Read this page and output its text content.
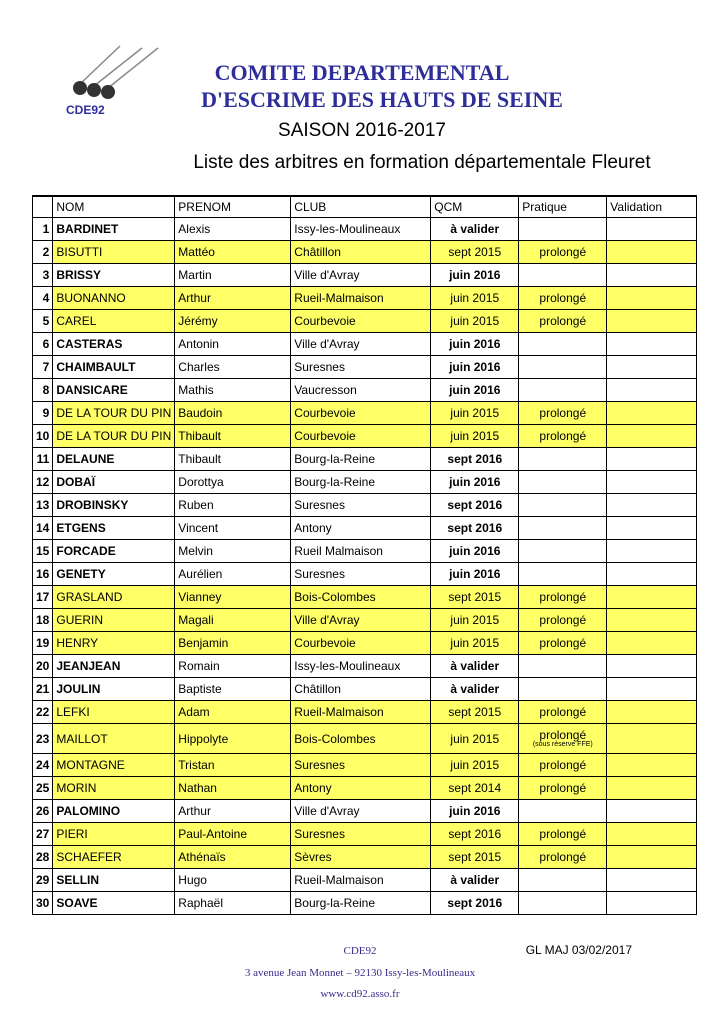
CDE92
COMITE DEPARTEMENTAL
D'ESCRIME DES HAUTS DE SEINE
SAISON 2016-2017
Liste des arbitres en formation départementale Fleuret
	NOM	PRENOM	CLUB	QCM	Pratique	Validation
1	BARDINET	Alexis	Issy-les-Moulineaux	à valider	

2	BISUTTI	Mattéo	Châtillon	sept 2015	prolongé	

3	BRISSY	Martin	Ville d'Avray	juin 2016	

4	BUONANNO	Arthur	Rueil-Malmaison	juin 2015	prolongé	

5	CAREL	Jérémy	Courbevoie	juin 2015	prolongé	

6	CASTERAS	Antonin	Ville d'Avray	juin 2016	

7	CHAIMBAULT	Charles	Suresnes	juin 2016	

8	DANSICARE	Mathis	Vaucresson	juin 2016	

9	DE LA TOUR DU PIN	Baudoin	Courbevoie	juin 2015	prolongé	

10	DE LA TOUR DU PIN	Thibault	Courbevoie	juin 2015	prolongé	

11	DELAUNE	Thibault	Bourg-la-Reine	sept 2016	

12	DOBAÏ	Dorottya	Bourg-la-Reine	juin 2016	

13	DROBINSKY	Ruben	Suresnes	sept 2016	

14	ETGENS	Vincent	Antony	sept 2016	

15	FORCADE	Melvin	Rueil Malmaison	juin 2016	

16	GENETY	Aurélien	Suresnes	juin 2016	

17	GRASLAND	Vianney	Bois-Colombes	sept 2015	prolongé	

18	GUERIN	Magali	Ville d'Avray	juin 2015	prolongé	

19	HENRY	Benjamin	Courbevoie	juin 2015	prolongé	

20	JEANJEAN	Romain	Issy-les-Moulineaux	à valider	

21	JOULIN	Baptiste	Châtillon	à valider	

22	LEFKI	Adam	Rueil-Malmaison	sept 2015	prolongé	

23	MAILLOT	Hippolyte	Bois-Colombes	juin 2015	prolongé
(sous réserve FFE)	

24	MONTAGNE	Tristan	Suresnes	juin 2015	prolongé	

25	MORIN	Nathan	Antony	sept 2014	prolongé	

26	PALOMINO	Arthur	Ville d'Avray	juin 2016	

27	PIERI	Paul-Antoine	Suresnes	sept 2016	prolongé	

28	SCHAEFER	Athénaïs	Sèvres	sept 2015	prolongé	

29	SELLIN	Hugo	Rueil-Malmaison	à valider	

30	SOAVE	Raphaël	Bourg-la-Reine	sept 2016	

GL MAJ 03/02/2017
CDE92
3 avenue Jean Monnet – 92130 Issy-les-Moulineaux
www.cd92.asso.fr
